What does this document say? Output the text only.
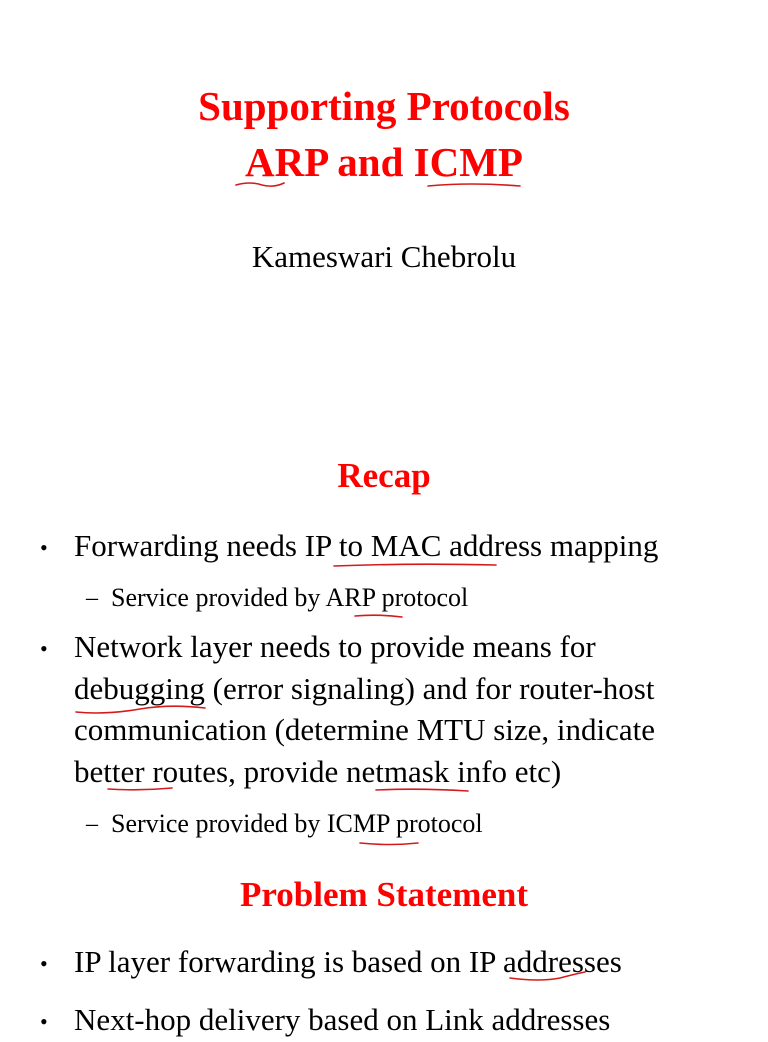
Supporting Protocols
ARP and ICMP
Kameswari Chebrolu
Recap
• Forwarding needs IP to MAC address mapping
– Service provided by ARP protocol
• Network layer needs to provide means for
debugging (error signaling) and for router-host
communication (determine MTU size, indicate
better routes, provide netmask info etc)
– Service provided by ICMP protocol
Problem Statement
• IP layer forwarding is based on IP addresses
• Next-hop delivery based on Link addresses
